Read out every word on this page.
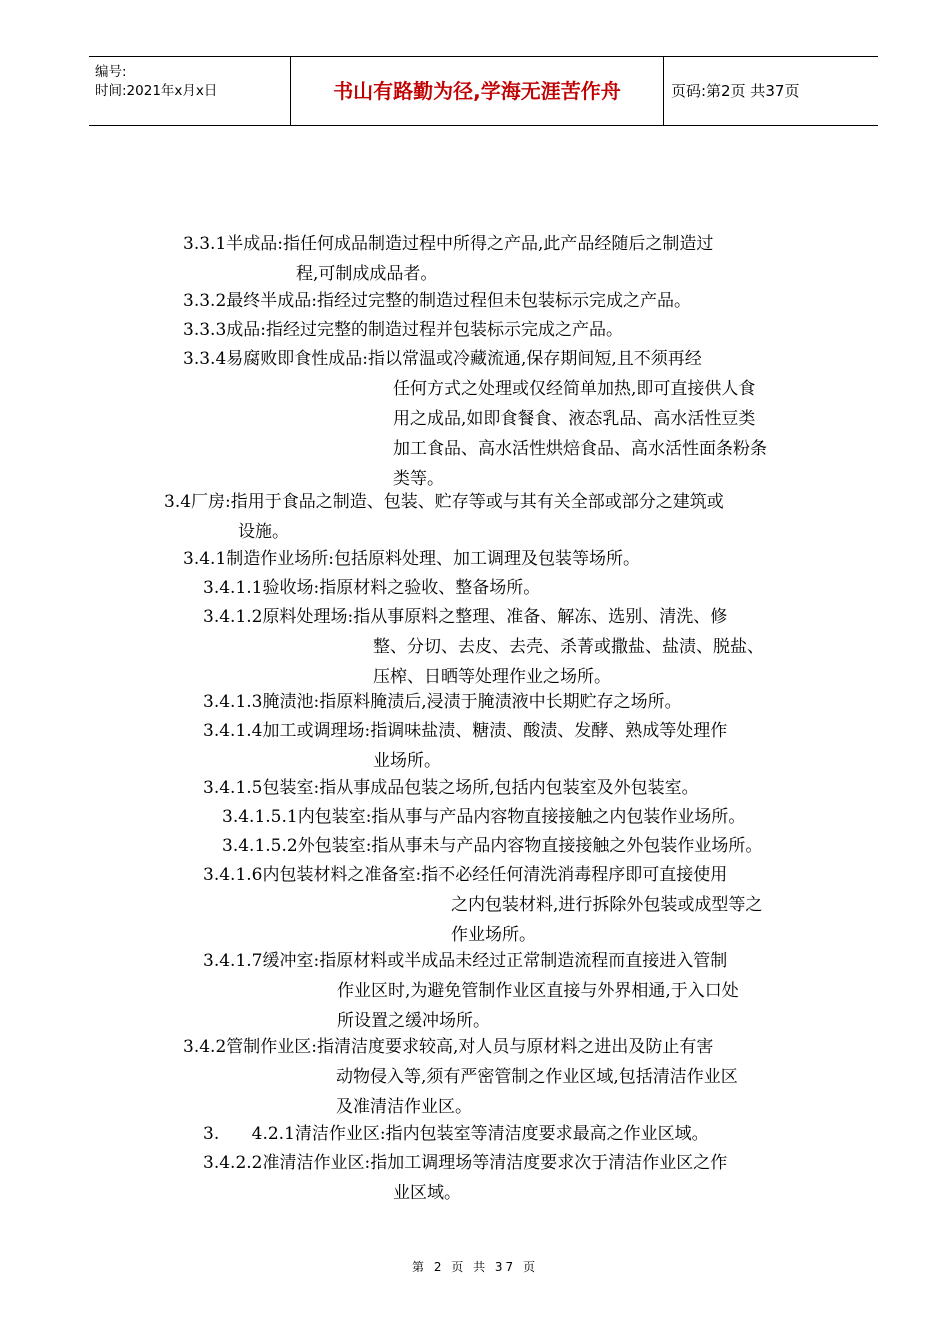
编号:
时间:2021年x月x日	书山有路勤为径,学海无涯苦作舟	页码:第2页 共37页
3.3.1半成品:指任何成品制造过程中所得之产品,此产品经随后之制造过
程,可制成成品者。
3.3.2最终半成品:指经过完整的制造过程但未包装标示完成之产品。
3.3.3成品:指经过完整的制造过程并包装标示完成之产品。
3.3.4易腐败即食性成品:指以常温或冷藏流通,保存期间短,且不须再经
任何方式之处理或仅经简单加热,即可直接供人食
用之成品,如即食餐食、液态乳品、高水活性豆类
加工食品、高水活性烘焙食品、高水活性面条粉条
类等。
3.4厂房:指用于食品之制造、包装、贮存等或与其有关全部或部分之建筑或
设施。
3.4.1制造作业场所:包括原料处理、加工调理及包装等场所。
3.4.1.1验收场:指原材料之验收、整备场所。
3.4.1.2原料处理场:指从事原料之整理、准备、解冻、选别、清洗、修
整、分切、去皮、去壳、杀菁或撒盐、盐渍、脱盐、
压榨、日晒等处理作业之场所。
3.4.1.3腌渍池:指原料腌渍后,浸渍于腌渍液中长期贮存之场所。
3.4.1.4加工或调理场:指调味盐渍、糖渍、酸渍、发酵、熟成等处理作
业场所。
3.4.1.5包装室:指从事成品包装之场所,包括内包装室及外包装室。
3.4.1.5.1内包装室:指从事与产品内容物直接接触之内包装作业场所。
3.4.1.5.2外包装室:指从事未与产品内容物直接接触之外包装作业场所。
3.4.1.6内包装材料之准备室:指不必经任何清洗消毒程序即可直接使用
之内包装材料,进行拆除外包装或成型等之
作业场所。
3.4.1.7缓冲室:指原材料或半成品未经过正常制造流程而直接进入管制
作业区时,为避免管制作业区直接与外界相通,于入口处
所设置之缓冲场所。
3.4.2管制作业区:指清洁度要求较高,对人员与原材料之进出及防止有害
动物侵入等,须有严密管制之作业区域,包括清洁作业区
及准清洁作业区。
3.      4.2.1清洁作业区:指内包装室等清洁度要求最高之作业区域。
3.4.2.2准清洁作业区:指加工调理场等清洁度要求次于清洁作业区之作
业区域。
第 2 页 共 37 页
